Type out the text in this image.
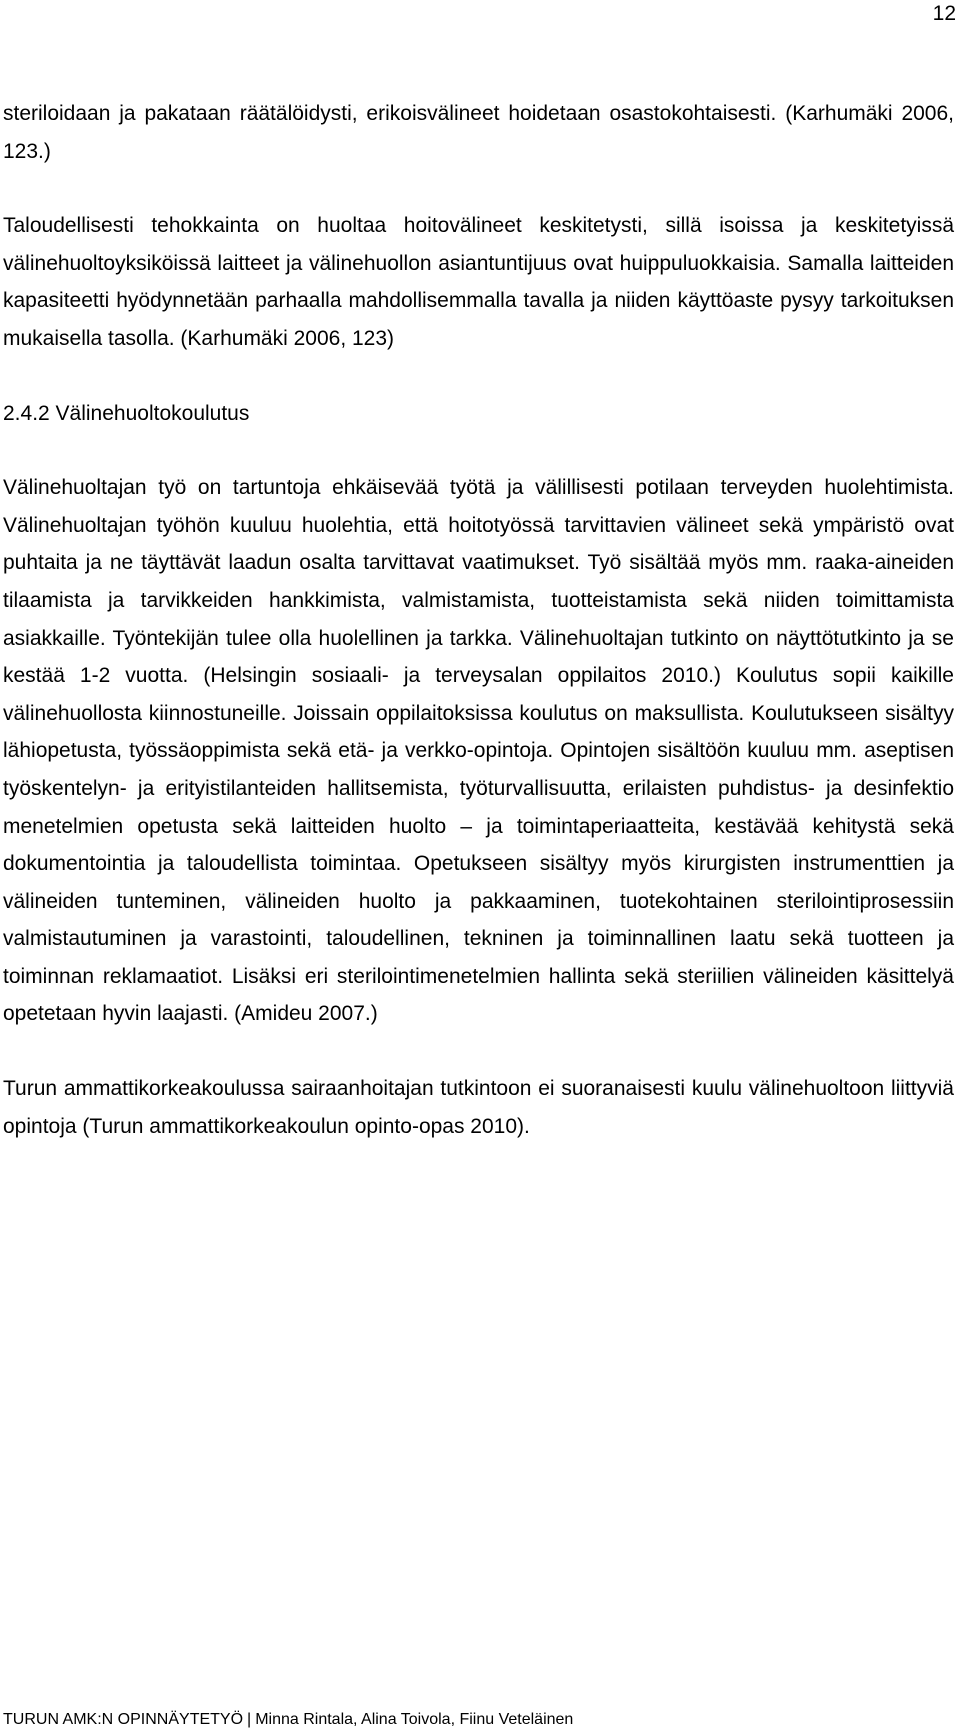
12

steriloidaan ja pakataan räätälöidysti, erikoisvälineet hoidetaan osastokohtaisesti. (Karhumäki 2006, 123.)

Taloudellisesti tehokkainta on huoltaa hoitovälineet keskitetysti, sillä isoissa ja keskitetyissä välinehuoltoyksiköissä laitteet ja välinehuollon asiantuntijuus ovat huippuluokkaisia. Samalla laitteiden kapasiteetti hyödynnetään parhaalla mahdollisemmalla tavalla ja niiden käyttöaste pysyy tarkoituksen mukaisella tasolla. (Karhumäki 2006, 123)

2.4.2 Välinehuoltokoulutus

Välinehuoltajan työ on tartuntoja ehkäisevää työtä ja välillisesti potilaan terveyden huolehtimista. Välinehuoltajan työhön kuuluu huolehtia, että hoitotyössä tarvittavien välineet sekä ympäristö ovat puhtaita ja ne täyttävät laadun osalta tarvittavat vaatimukset. Työ sisältää myös mm. raaka-aineiden tilaamista ja tarvikkeiden hankkimista, valmistamista, tuotteistamista sekä niiden toimittamista asiakkaille. Työntekijän tulee olla huolellinen ja tarkka. Välinehuoltajan tutkinto on näyttötutkinto ja se kestää 1-2 vuotta. (Helsingin sosiaali- ja terveysalan oppilaitos 2010.) Koulutus sopii kaikille välinehuollosta kiinnostuneille. Joissain oppilaitoksissa koulutus on maksullista. Koulutukseen sisältyy lähiopetusta, työssäoppimista sekä etä- ja verkko-opintoja. Opintojen sisältöön kuuluu mm. aseptisen työskentelyn- ja erityistilanteiden hallitsemista, työturvallisuutta, erilaisten puhdistus- ja desinfektio menetelmien opetusta sekä laitteiden huolto – ja toimintaperiaatteita, kestävää kehitystä sekä dokumentointia ja taloudellista toimintaa. Opetukseen sisältyy myös kirurgisten instrumenttien ja välineiden tunteminen, välineiden huolto ja pakkaaminen, tuotekohtainen sterilointiprosessiin valmistautuminen ja varastointi, taloudellinen, tekninen ja toiminnallinen laatu sekä tuotteen ja toiminnan reklamaatiot. Lisäksi eri sterilointimenetelmien hallinta sekä steriilien välineiden käsittelyä opetetaan hyvin laajasti. (Amideu 2007.)

Turun ammattikorkeakoulussa sairaanhoitajan tutkintoon ei suoranaisesti kuulu välinehuoltoon liittyviä opintoja (Turun ammattikorkeakoulun opinto-opas 2010).

TURUN AMK:N OPINNÄYTETYÖ | Minna Rintala, Alina Toivola, Fiinu Veteläinen
